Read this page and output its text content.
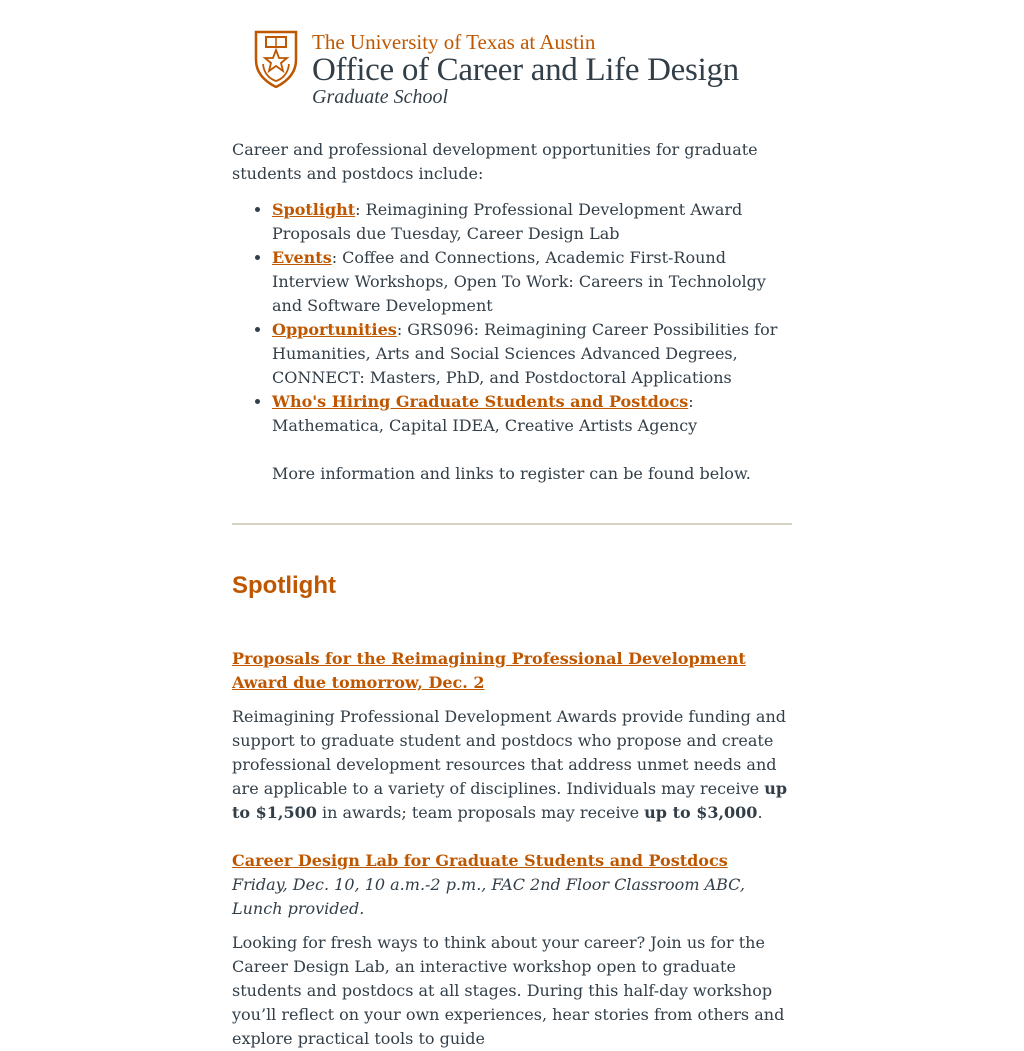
The University of Texas at Austin
Office of Career and Life Design
Graduate School

Career and professional development opportunities for graduate students and postdocs include:

• Spotlight: Reimagining Professional Development Award Proposals due Tuesday, Career Design Lab
• Events: Coffee and Connections, Academic First-Round Interview Workshops, Open To Work: Careers in Technololgy and Software Development
• Opportunities: GRS096: Reimagining Career Possibilities for Humanities, Arts and Social Sciences Advanced Degrees, CONNECT: Masters, PhD, and Postdoctoral Applications
• Who's Hiring Graduate Students and Postdocs: Mathematica, Capital IDEA, Creative Artists Agency

More information and links to register can be found below.

Spotlight
Proposals for the Reimagining Professional Development Award due tomorrow, Dec. 2

Reimagining Professional Development Awards provide funding and support to graduate student and postdocs who propose and create professional development resources that address unmet needs and are applicable to a variety of disciplines. Individuals may receive up to $1,500 in awards; team proposals may receive up to $3,000.

Career Design Lab for Graduate Students and Postdocs

Friday, Dec. 10, 10 a.m.-2 p.m., FAC 2nd Floor Classroom ABC, Lunch provided.

Looking for fresh ways to think about your career? Join us for the Career Design Lab, an interactive workshop open to graduate students and postdocs at all stages. During this half-day workshop you’ll reflect on your own experiences, hear stories from others and explore practical tools to guide
